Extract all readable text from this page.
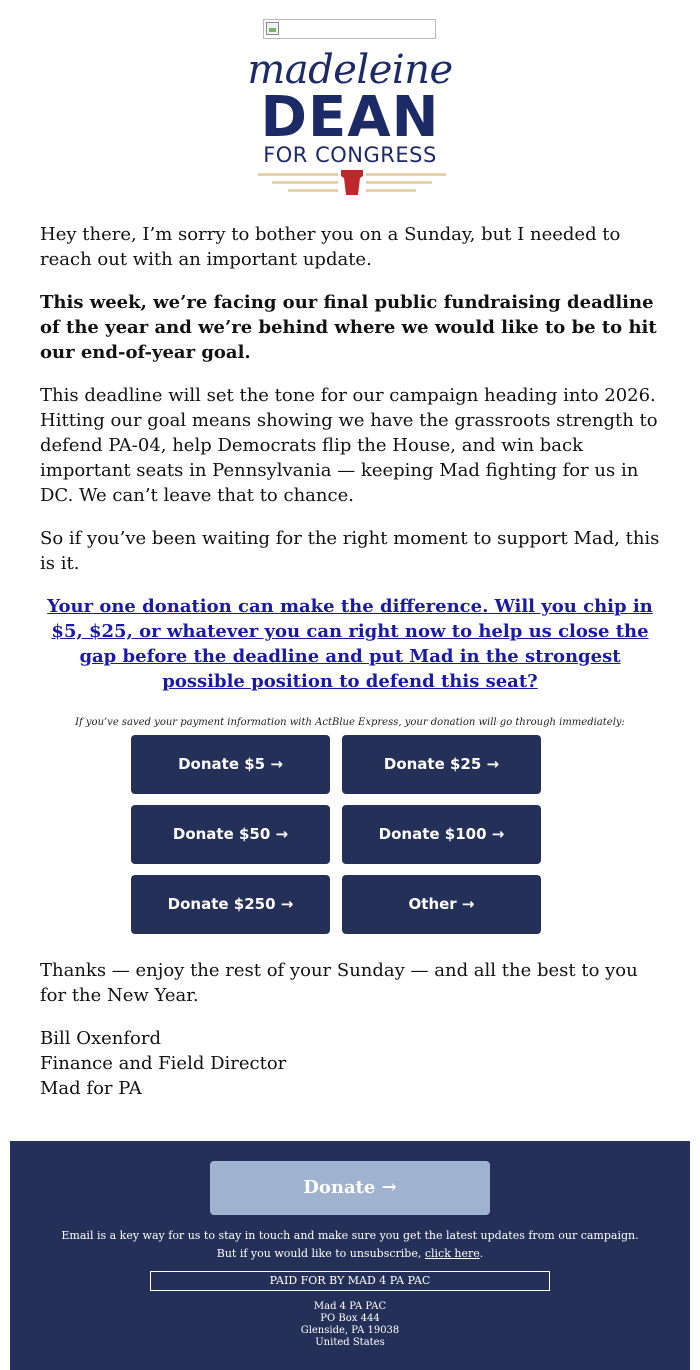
madeleine
DEAN
FOR CONGRESS

Hey there, I’m sorry to bother you on a Sunday, but I needed to reach out with an important update.

This week, we’re facing our final public fundraising deadline of the year and we’re behind where we would like to be to hit our end-of-year goal.

This deadline will set the tone for our campaign heading into 2026. Hitting our goal means showing we have the grassroots strength to defend PA-04, help Democrats flip the House, and win back important seats in Pennsylvania — keeping Mad fighting for us in DC. We can’t leave that to chance.

So if you’ve been waiting for the right moment to support Mad, this is it.

Your one donation can make the difference. Will you chip in $5, $25, or whatever you can right now to help us close the gap before the deadline and put Mad in the strongest possible position to defend this seat?

If you’ve saved your payment information with ActBlue Express, your donation will go through immediately:

Donate $5 →	Donate $25 →
Donate $50 →	Donate $100 →
Donate $250 →	Other →

Thanks — enjoy the rest of your Sunday — and all the best to you for the New Year.

Bill Oxenford
Finance and Field Director
Mad for PA

Donate →
Email is a key way for us to stay in touch and make sure you get the latest updates from our campaign. But if you would like to unsubscribe, click here.
PAID FOR BY MAD 4 PA PAC
Mad 4 PA PAC
PO Box 444
Glenside, PA 19038
United States
